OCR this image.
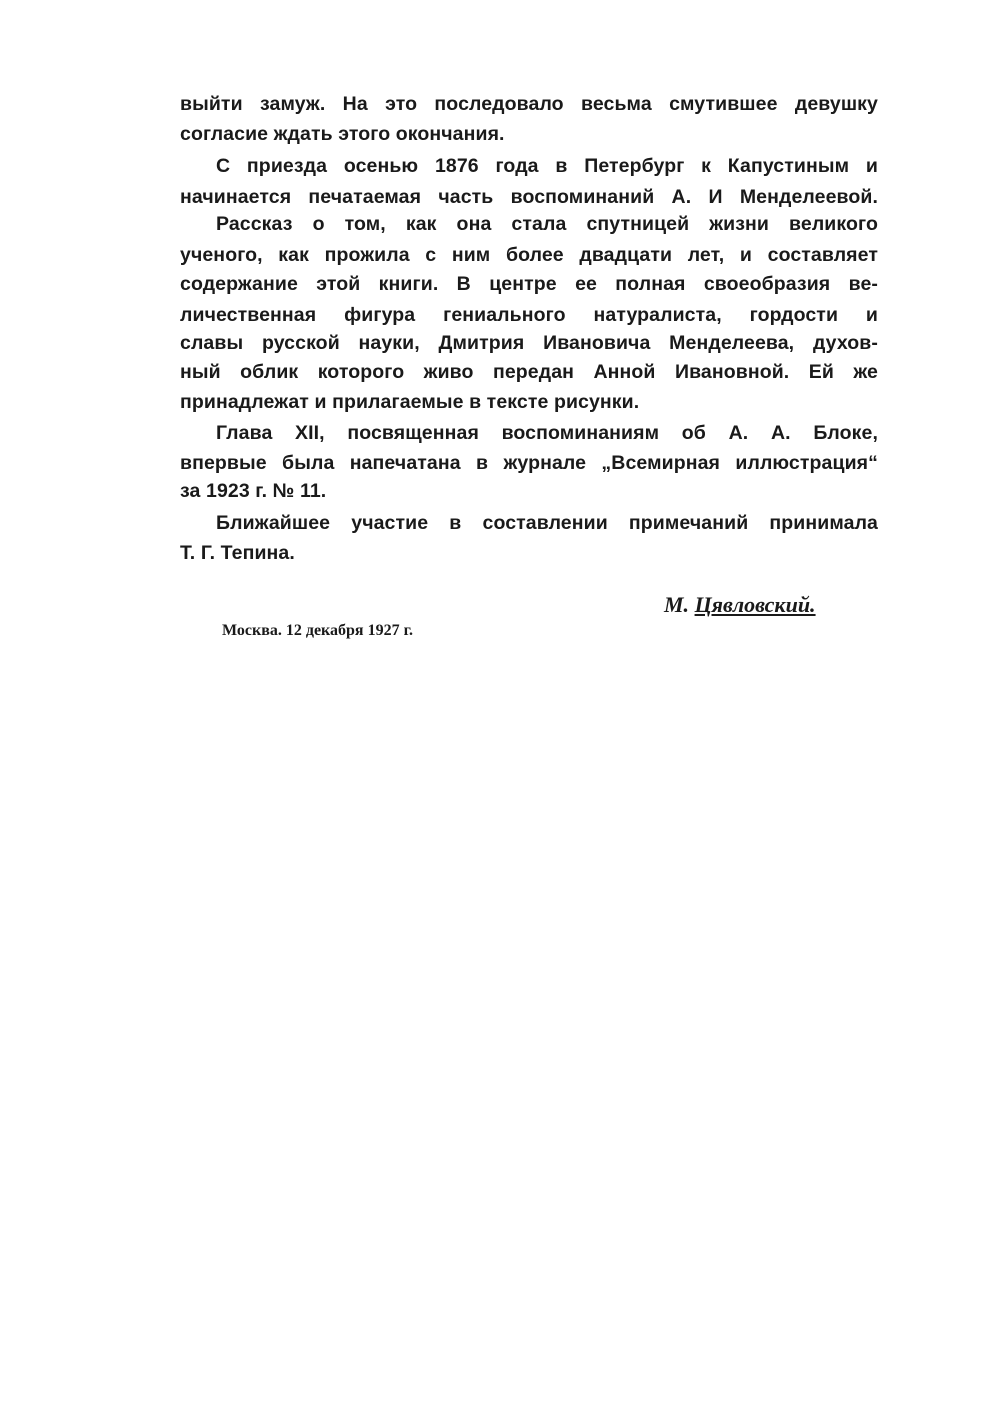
выйти замуж. На это последовало весьма смутившее девушку
согласие ждать этого окончания.
С приезда осенью 1876 года в Петербург к Капустиным и
начинается печатаемая часть воспоминаний А. И Менделеевой.
Рассказ о том, как она стала спутницей жизни великого
ученого, как прожила с ним более двадцати лет, и составляет
содержание этой книги. В центре ее полная своеобразия ве-
личественная фигура гениального натуралиста, гордости и
славы русской науки, Дмитрия Ивановича Менделеева, духов-
ный облик которого живо передан Анной Ивановной. Ей же
принадлежат и прилагаемые в тексте рисунки.
Глава XII, посвященная воспоминаниям об А. А. Блоке,
впервые была напечатана в журнале „Всемирная иллюстрация“
за 1923 г. № 11.
Ближайшее участие в составлении примечаний принимала
Т. Г. Тепина.
М. Цявловский.
Москва. 12 декабря 1927 г.
